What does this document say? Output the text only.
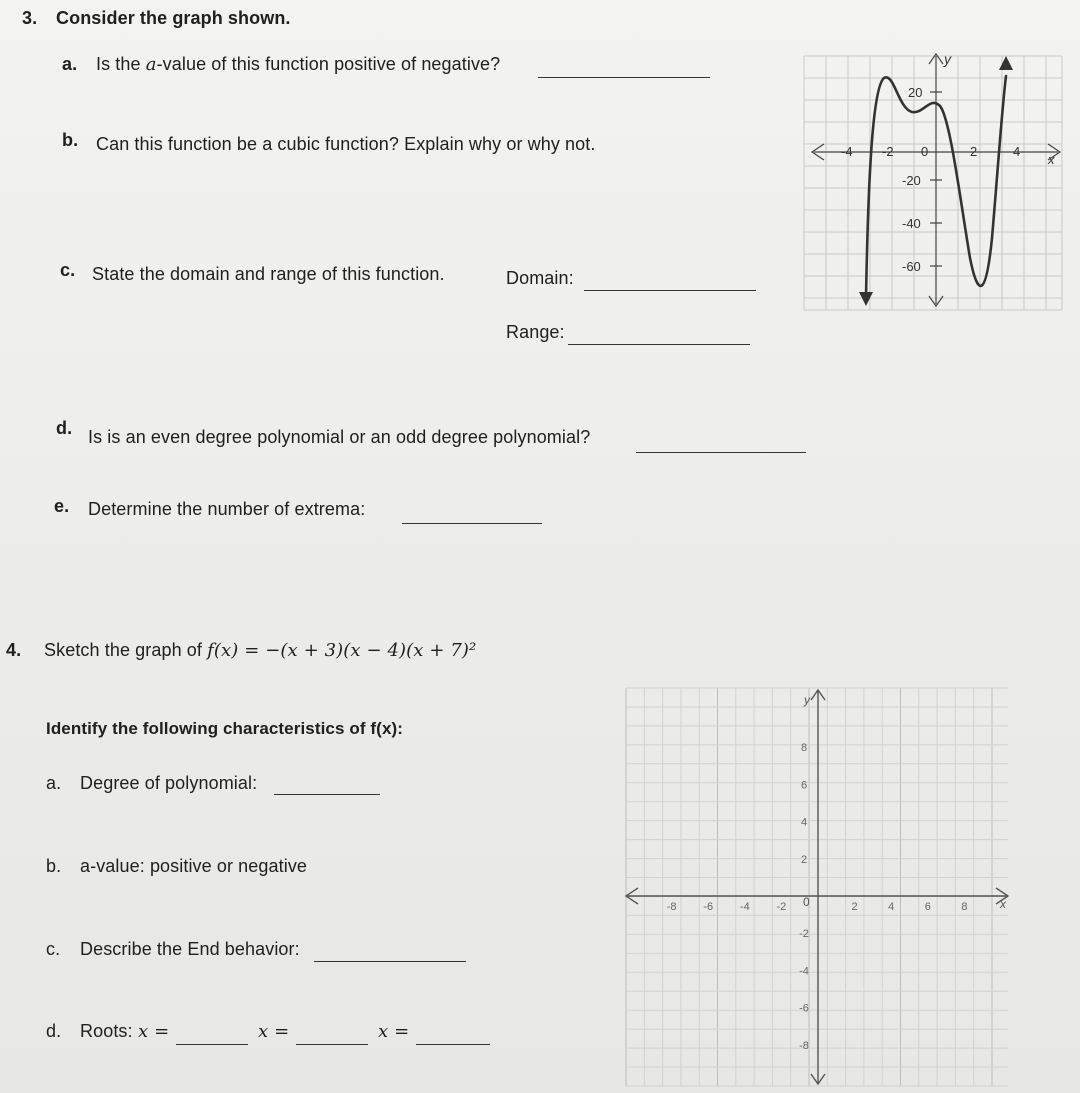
3. Consider the graph shown.
a. Is the a-value of this function positive of negative?
b. Can this function be a cubic function? Explain why or why not.
c. State the domain and range of this function.	Domain:
Range:
d. Is is an even degree polynomial or an odd degree polynomial?
e. Determine the number of extrema:
y
x
-4 -2 0	2	4
20
-20
-40
-60
4. Sketch the graph of f(x) = −(x + 3)(x − 4)(x + 7)²
Identify the following characteristics of f(x):
a. Degree of polynomial:
b. a-value: positive or negative
c. Describe the End behavior:
d. Roots: x =	x =	x =
y
x
0
-8 -6 -4 -2	2	4	6	8
8
6
4
2
-2
-4
-6
-8
